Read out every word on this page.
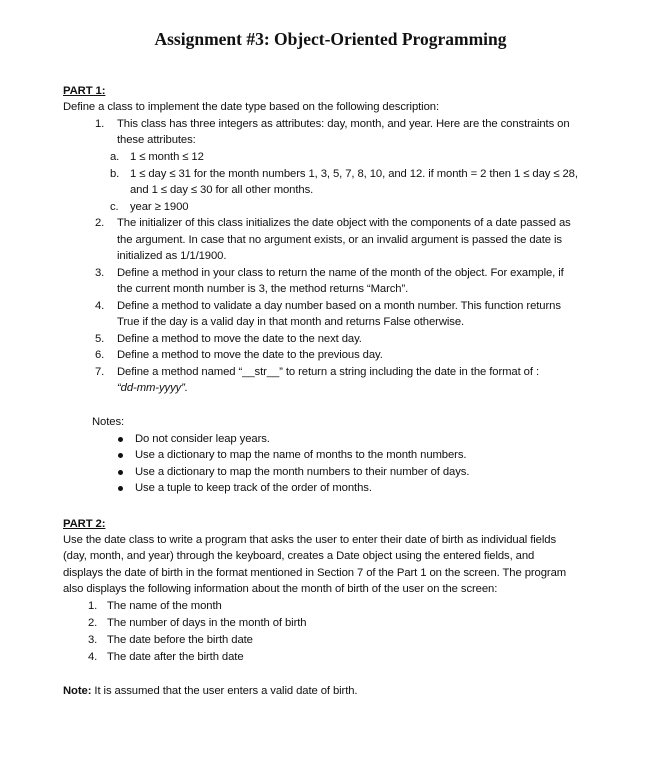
Assignment #3: Object-Oriented Programming
PART 1:
Define a class to implement the date type based on the following description:
1. This class has three integers as attributes: day, month, and year. Here are the constraints on
these attributes:
a. 1 ≤ month ≤ 12
b. 1 ≤ day ≤ 31 for the month numbers 1, 3, 5, 7, 8, 10, and 12. if month = 2 then 1 ≤ day ≤ 28,
and 1 ≤ day ≤ 30 for all other months.
c. year ≥ 1900
2. The initializer of this class initializes the date object with the components of a date passed as
the argument. In case that no argument exists, or an invalid argument is passed the date is
initialized as 1/1/1900.
3. Define a method in your class to return the name of the month of the object. For example, if
the current month number is 3, the method returns “March”.
4. Define a method to validate a day number based on a month number. This function returns
True if the day is a valid day in that month and returns False otherwise.
5. Define a method to move the date to the next day.
6. Define a method to move the date to the previous day.
7. Define a method named “__str__” to return a string including the date in the format of :
“dd-mm-yyyy”.
Notes:
Do not consider leap years.
Use a dictionary to map the name of months to the month numbers.
Use a dictionary to map the month numbers to their number of days.
Use a tuple to keep track of the order of months.
PART 2:
Use the date class to write a program that asks the user to enter their date of birth as individual fields
(day, month, and year) through the keyboard, creates a Date object using the entered fields, and
displays the date of birth in the format mentioned in Section 7 of the Part 1 on the screen. The program
also displays the following information about the month of birth of the user on the screen:
1. The name of the month
2. The number of days in the month of birth
3. The date before the birth date
4. The date after the birth date
Note: It is assumed that the user enters a valid date of birth.
